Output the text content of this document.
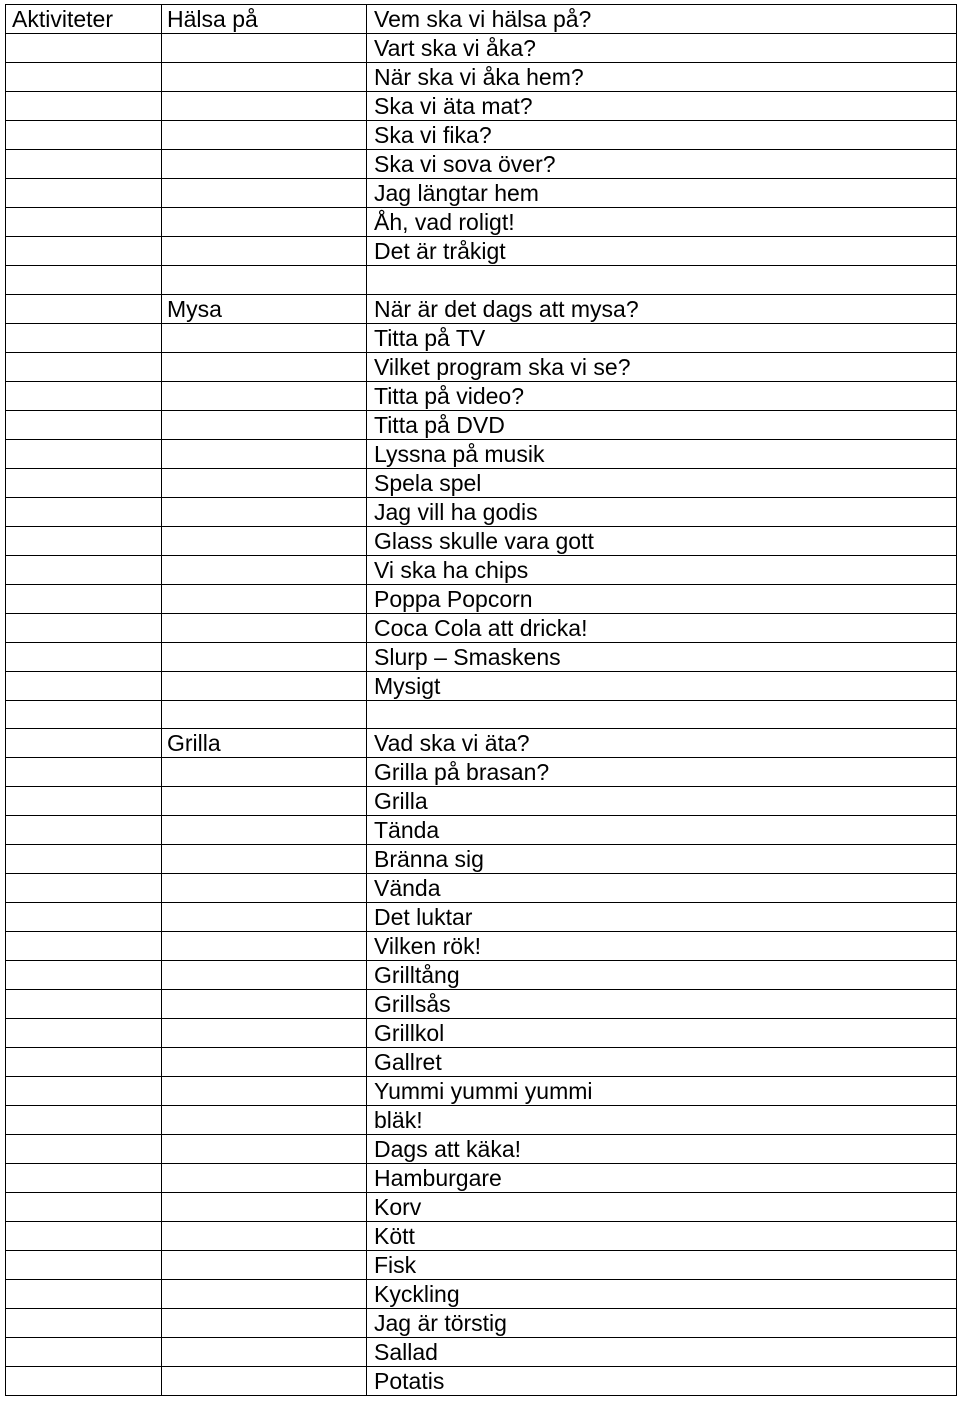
Aktiviteter	Hälsa på	Vem ska vi hälsa på?
		Vart ska vi åka?
		När ska vi åka hem?
		Ska vi äta mat?
		Ska vi fika?
		Ska vi sova över?
		Jag längtar hem
		Åh, vad roligt!
		Det är tråkigt

	Mysa	När är det dags att mysa?
		Titta på TV
		Vilket program ska vi se?
		Titta på video?
		Titta på DVD
		Lyssna på musik
		Spela spel
		Jag vill ha godis
		Glass skulle vara gott
		Vi ska ha chips
		Poppa Popcorn
		Coca Cola att dricka!
		Slurp – Smaskens
		Mysigt

	Grilla	Vad ska vi äta?
		Grilla på brasan?
		Grilla
		Tända
		Bränna sig
		Vända
		Det luktar
		Vilken rök!
		Grilltång
		Grillsås
		Grillkol
		Gallret
		Yummi yummi yummi
		bläk!
		Dags att käka!
		Hamburgare
		Korv
		Kött
		Fisk
		Kyckling
		Jag är törstig
		Sallad
		Potatis
